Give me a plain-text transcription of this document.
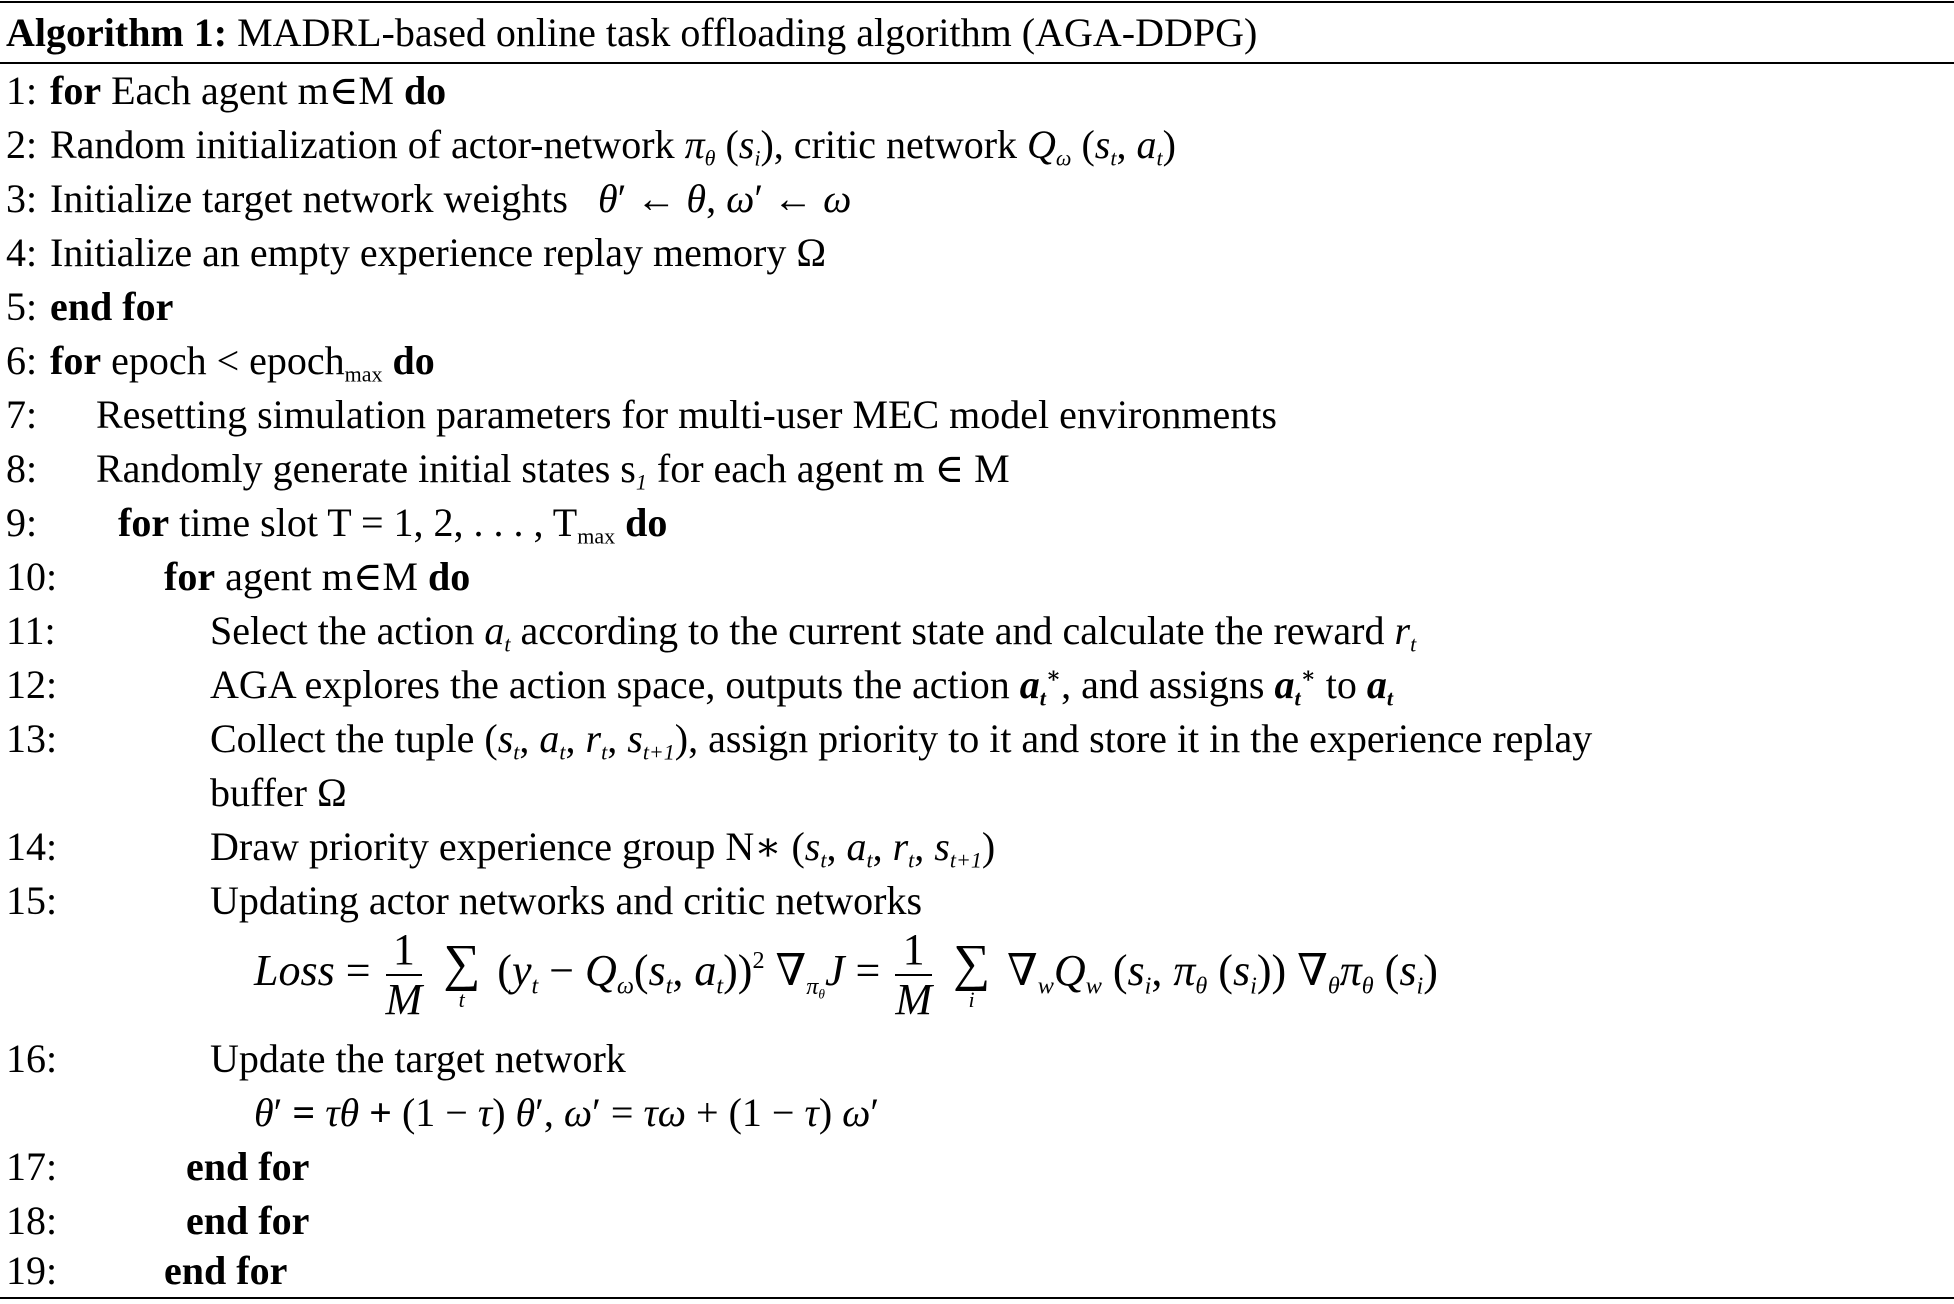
Algorithm 1: MADRL-based online task offloading algorithm (AGA-DDPG)
1: for Each agent m∈M do
2: Random initialization of actor-network $\pi_\theta$ $(s_i)$, critic network $Q_\omega$ ($s_t$, $a_t$)
3: Initialize target network weights θ′ ← θ, ω′ ← ω
4: Initialize an empty experience replay memory Ω
5: end for
6: for epoch < epoch$_{max}$ do
7: Resetting simulation parameters for multi-user MEC model environments
8: Randomly generate initial states $s_1$ for each agent m ∈ M
9: for time slot T = 1, 2, . . . , $T_{max}$ do
10:	for agent m∈M do
11:	Select the action $a_t$ according to the current state and calculate the reward $r_t$
12:	AGA explores the action space, outputs the action $a_t^∗$, and assigns $a_t^∗$ to $a_t$
13:	Collect the tuple ($s_t$, $a_t$, $r_t$, $s_{t+1}$), assign priority to it and store it in the experience replay
buffer Ω
14:	Draw priority experience group N∗ ($s_t$, $a_t$, $r_t$, $s_{t+1}$)
15:	Updating actor networks and critic networks
Loss = $\frac{1}{M}$
∑
t
($y_t - Q_\omega(s_t$, $a_t))^2$ $\nabla_{\pi_\theta}J = \frac{1}{M}$
∑
i
$\nabla_wQ_w$ ($s_i$, $\pi_\theta$ $(s_i)$) $\nabla_\theta\pi_\theta$ $(s_i)$
16:	Update the target network
θ′ = τθ + (1 − τ) θ′, ω′ = τω + (1 − τ) ω′
17:	end for
18:	end for
19:	end for
